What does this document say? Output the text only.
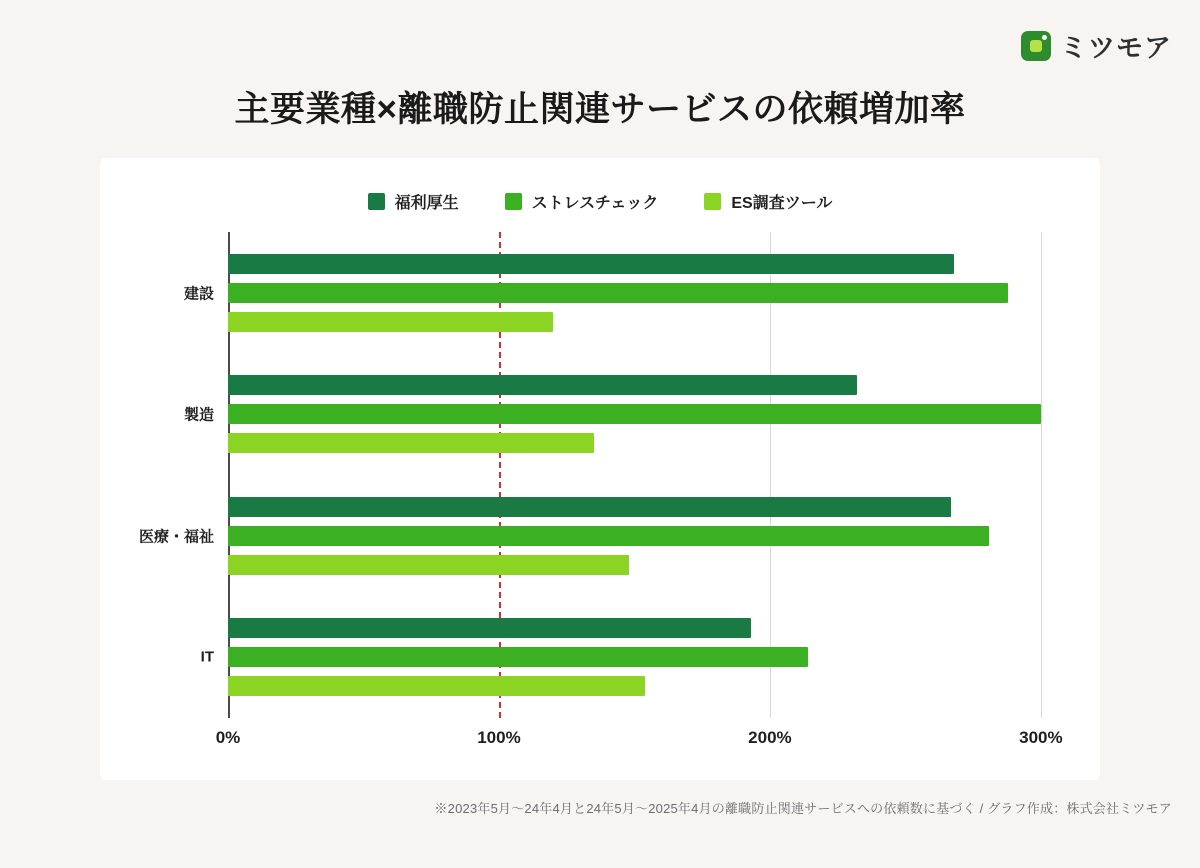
ミツモア
主要業種×離職防止関連サービスの依頼増加率
福利厚生	ストレスチェック	ES調査ツール
建設
製造
医療・福祉
IT
0%	100%	200%	300%
※2023年5月〜24年4月と24年5月〜2025年4月の離職防止関連サービスへの依頼数に基づく / グラフ作成：株式会社ミツモア
